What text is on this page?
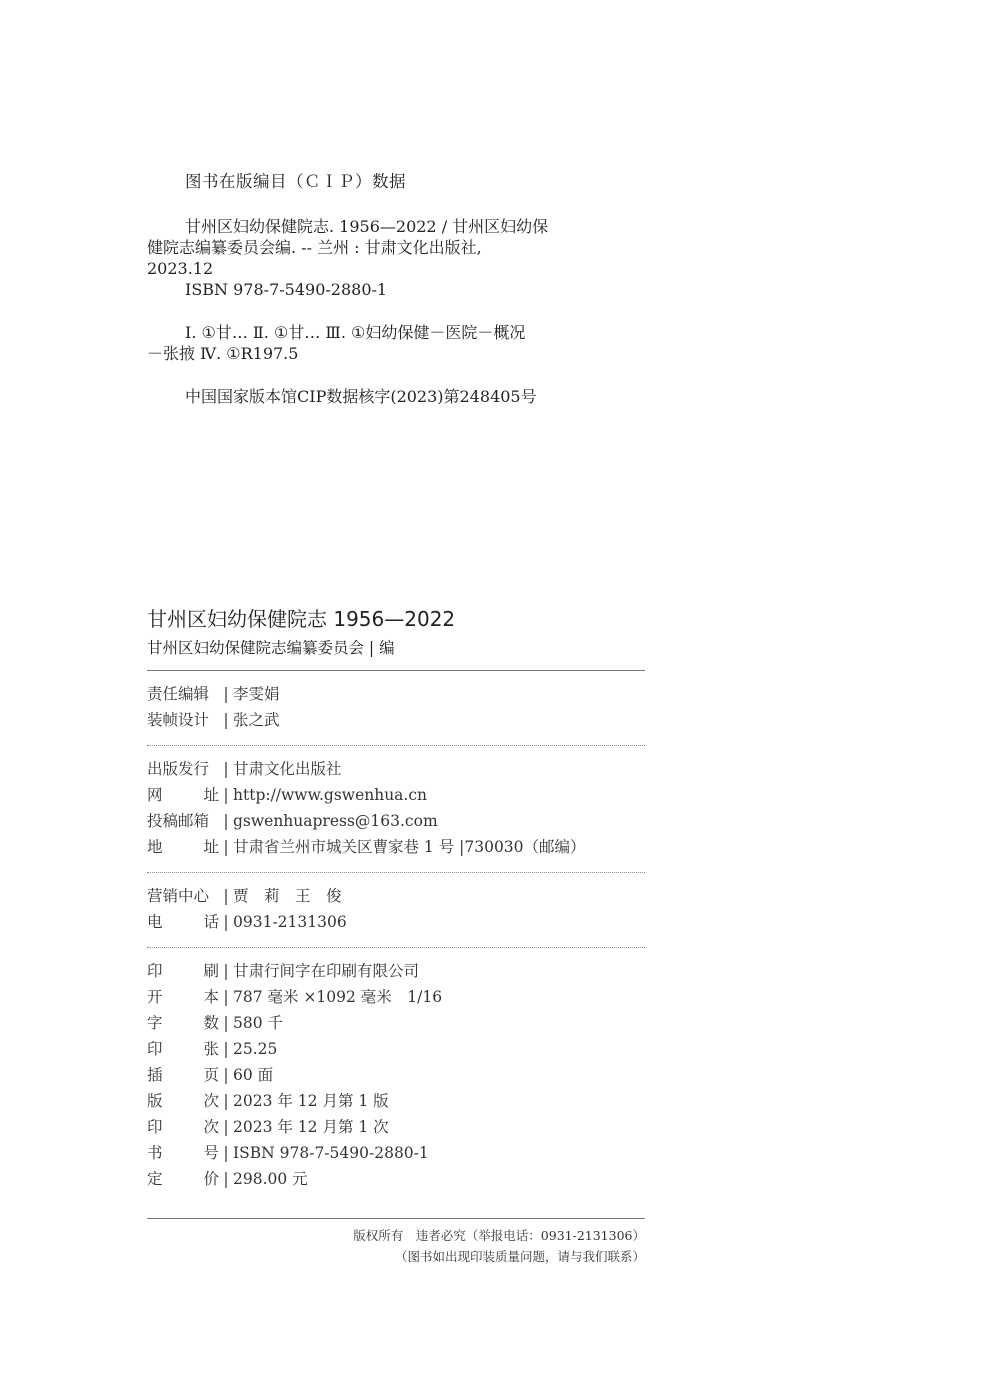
图书在版编目（ＣＩＰ）数据
甘州区妇幼保健院志. 1956—2022 / 甘州区妇幼保
健院志编纂委员会编. -- 兰州 : 甘肃文化出版社,
2023.12
ISBN 978-7-5490-2880-1
Ⅰ. ①甘… Ⅱ. ①甘… Ⅲ. ①妇幼保健－医院－概况
－张掖 Ⅳ. ①R197.5
中国国家版本馆CIP数据核字(2023)第248405号
甘州区妇幼保健院志 1956—2022
甘州区妇幼保健院志编纂委员会 | 编
责任编辑 | 李雯娟
装帧设计 | 张之武
出版发行 | 甘肃文化出版社
网	址 | http://www.gswenhua.cn
投稿邮箱 | gswenhuapress@163.com
地	址 | 甘肃省兰州市城关区曹家巷 1 号 |730030（邮编）
营销中心 | 贾　莉　王　俊
电	话 | 0931-2131306
印	刷 | 甘肃行间字在印刷有限公司
开	本 | 787 毫米 ×1092 毫米　1/16
字	数 | 580 千
印	张 | 25.25
插	页 | 60 面
版	次 | 2023 年 12 月第 1 版
印	次 | 2023 年 12 月第 1 次
书	号 | ISBN 978-7-5490-2880-1
定	价 | 298.00 元
版权所有　违者必究（举报电话：0931-2131306）
（图书如出现印装质量问题，请与我们联系）
